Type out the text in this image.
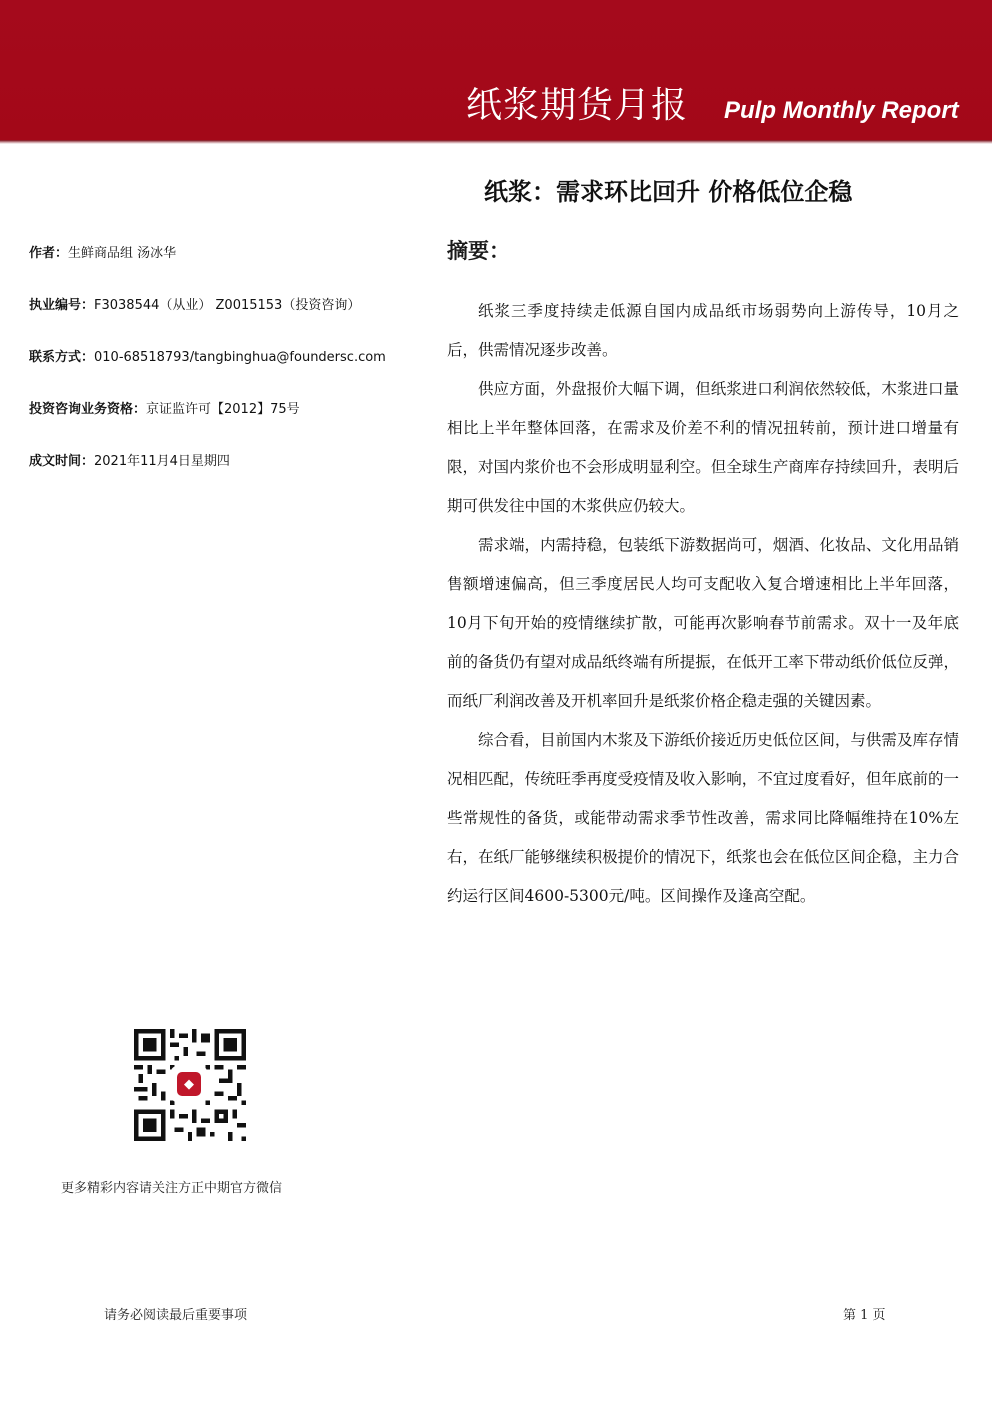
纸浆期货月报 Pulp Monthly Report
纸浆：需求环比回升 价格低位企稳
作者：生鲜商品组 汤冰华
执业编号：F3038544（从业） Z0015153（投资咨询）
联系方式：010-68518793/tangbinghua@foundersc.com
投资咨询业务资格：京证监许可【2012】75号
成文时间：2021年11月4日星期四
摘要：

纸浆三季度持续走低源自国内成品纸市场弱势向上游传导，10月之后，供需情况逐步改善。

供应方面，外盘报价大幅下调，但纸浆进口利润依然较低，木浆进口量相比上半年整体回落，在需求及价差不利的情况扭转前，预计进口增量有限，对国内浆价也不会形成明显利空。但全球生产商库存持续回升，表明后期可供发往中国的木浆供应仍较大。

需求端，内需持稳，包装纸下游数据尚可，烟酒、化妆品、文化用品销售额增速偏高，但三季度居民人均可支配收入复合增速相比上半年回落，10月下旬开始的疫情继续扩散，可能再次影响春节前需求。双十一及年底前的备货仍有望对成品纸终端有所提振，在低开工率下带动纸价低位反弹，而纸厂利润改善及开机率回升是纸浆价格企稳走强的关键因素。

综合看，目前国内木浆及下游纸价接近历史低位区间，与供需及库存情况相匹配，传统旺季再度受疫情及收入影响，不宜过度看好，但年底前的一些常规性的备货，或能带动需求季节性改善，需求同比降幅维持在10%左右，在纸厂能够继续积极提价的情况下，纸浆也会在低位区间企稳，主力合约运行区间4600-5300元/吨。区间操作及逢高空配。

◆
更多精彩内容请关注方正中期官方微信
请务必阅读最后重要事项	第 1 页
